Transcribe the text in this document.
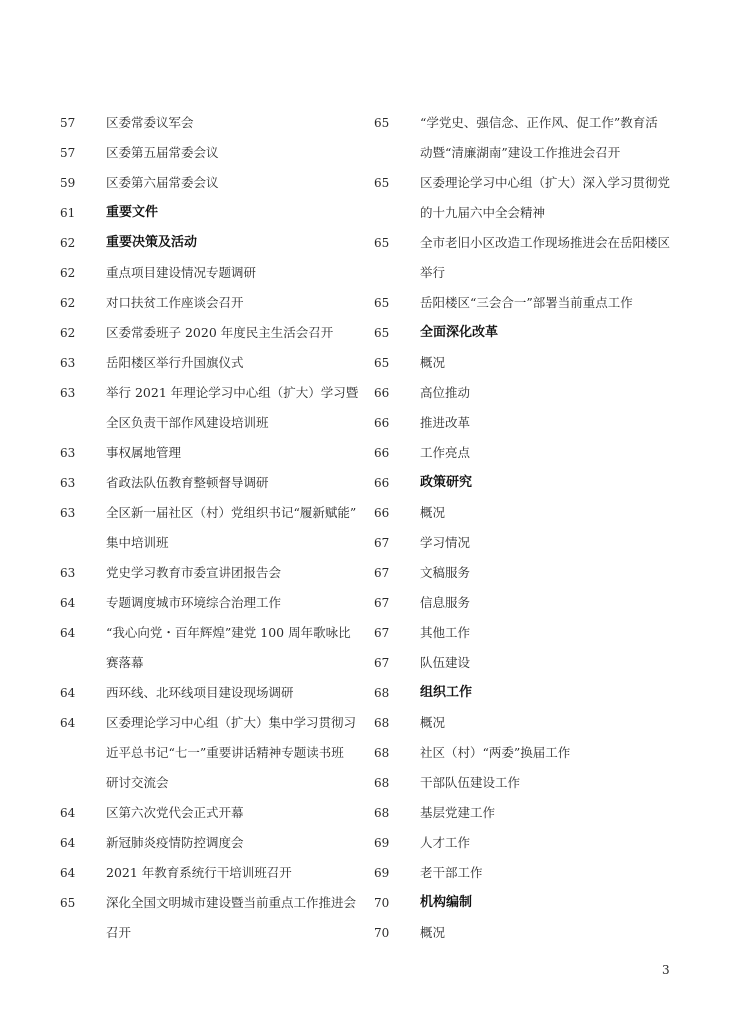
57	区委常委议军会
57	区委第五届常委会议
59	区委第六届常委会议
61	重要文件
62	重要决策及活动
62	重点项目建设情况专题调研
62	对口扶贫工作座谈会召开
62	区委常委班子 2020 年度民主生活会召开
63	岳阳楼区举行升国旗仪式
63	举行 2021 年理论学习中心组（扩大）学习暨
全区负责干部作风建设培训班
63	事权属地管理
63	省政法队伍教育整顿督导调研
63	全区新一届社区（村）党组织书记“履新赋能”
集中培训班
63	党史学习教育市委宣讲团报告会
64	专题调度城市环境综合治理工作
64	“我心向党・百年辉煌”建党 100 周年歌咏比
赛落幕
64	西环线、北环线项目建设现场调研
64	区委理论学习中心组（扩大）集中学习贯彻习
近平总书记“七一”重要讲话精神专题读书班
研讨交流会
64	区第六次党代会正式开幕
64	新冠肺炎疫情防控调度会
64	2021 年教育系统行干培训班召开
65	深化全国文明城市建设暨当前重点工作推进会
召开
65	“学党史、强信念、正作风、促工作”教育活
动暨“清廉湖南”建设工作推进会召开
65	区委理论学习中心组（扩大）深入学习贯彻党
的十九届六中全会精神
65	全市老旧小区改造工作现场推进会在岳阳楼区
举行
65	岳阳楼区“三会合一”部署当前重点工作
65	全面深化改革
65	概况
66	高位推动
66	推进改革
66	工作亮点
66	政策研究
66	概况
67	学习情况
67	文稿服务
67	信息服务
67	其他工作
67	队伍建设
68	组织工作
68	概况
68	社区（村）“两委”换届工作
68	干部队伍建设工作
68	基层党建工作
69	人才工作
69	老干部工作
70	机构编制
70	概况
3
